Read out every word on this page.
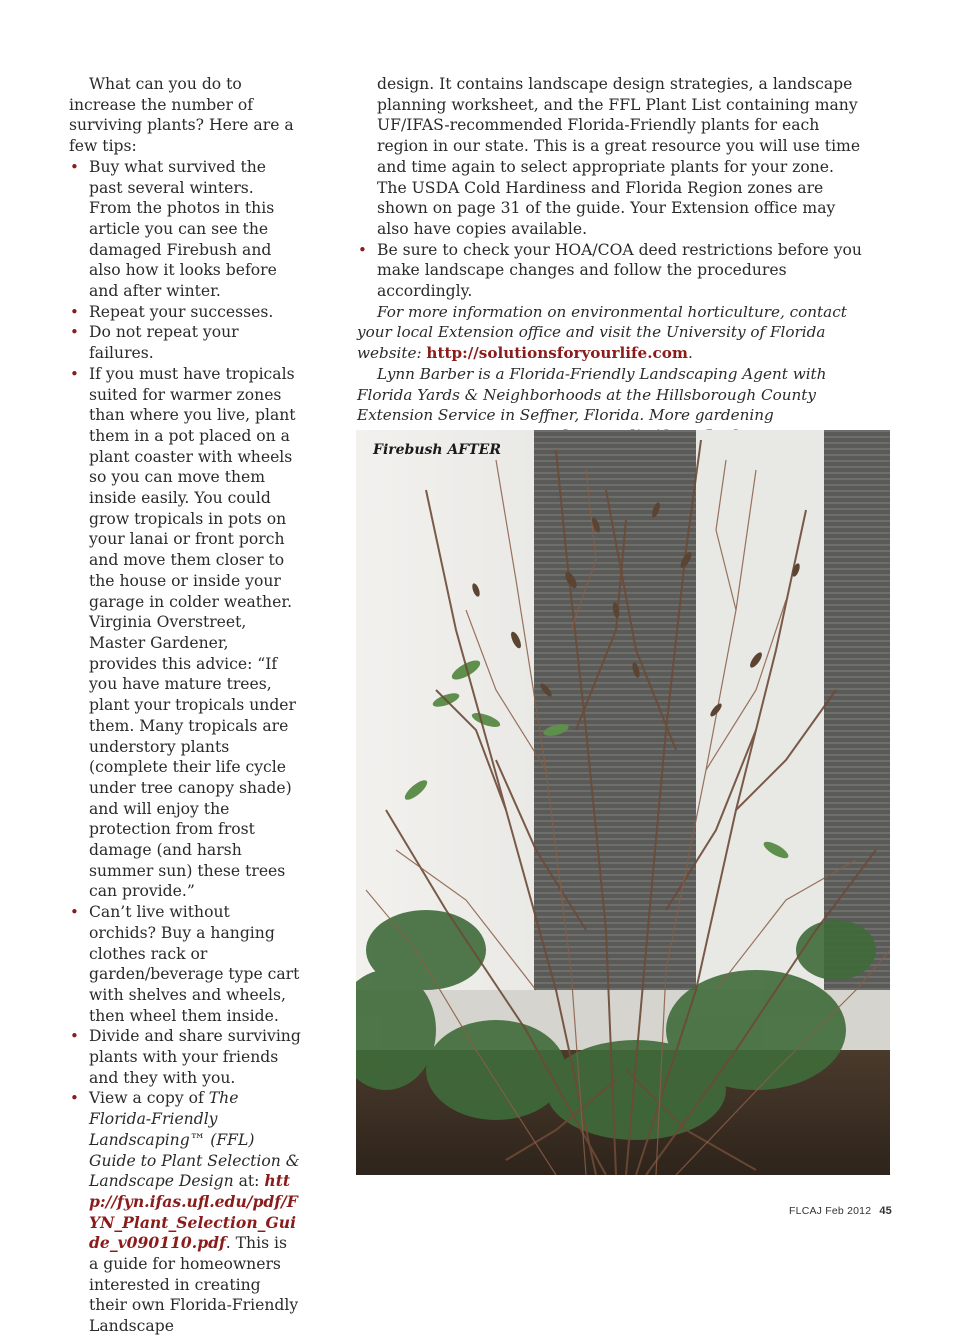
What can you do to increase the number of surviving plants? Here are a few tips:

• Buy what survived the past several winters. From the photos in this article you can see the damaged Firebush and also how it looks before and after winter.
• Repeat your successes.
• Do not repeat your failures.
• If you must have tropicals suited for warmer zones than where you live, plant them in a pot placed on a plant coaster with wheels so you can move them inside easily. You could grow tropicals in pots on your lanai or front porch and move them closer to the house or inside your garage in colder weather. Virginia Overstreet, Master Gardener, provides this advice: “If you have mature trees, plant your tropicals under them. Many tropicals are understory plants (complete their life cycle under tree canopy shade) and will enjoy the protection from frost damage (and harsh summer sun) these trees can provide.”
• Can’t live without orchids? Buy a hanging clothes rack or garden/beverage type cart with shelves and wheels, then wheel them inside.
• Divide and share surviving plants with your friends and they with you.
• View a copy of The Florida-Friendly Landscaping™ (FFL) Guide to Plant Selection & Landscape Design at: http://fyn.ifas.ufl.edu/pdf/FYN_Plant_Selection_Guide_v090110.pdf. This is a guide for homeowners interested in creating their own Florida-Friendly Landscape

design. It contains landscape design strategies, a landscape planning worksheet, and the FFL Plant List containing many UF/IFAS-recommended Florida-Friendly plants for each region in our state. This is a great resource you will use time and time again to select appropriate plants for your zone. The USDA Cold Hardiness and Florida Region zones are shown on page 31 of the guide. Your Extension office may also have copies available.

• Be sure to check your HOA/COA deed restrictions before you make landscape changes and follow the procedures accordingly.

For more information on environmental horticulture, contact your local Extension office and visit the University of Florida website: http://solutionsforyourlife.com.

Lynn Barber is a Florida-Friendly Landscaping Agent with Florida Yards & Neighborhoods at the Hillsborough County Extension Service in Seffner, Florida. More gardening

Firebush AFTER
FLCAJ Feb 2012 45
